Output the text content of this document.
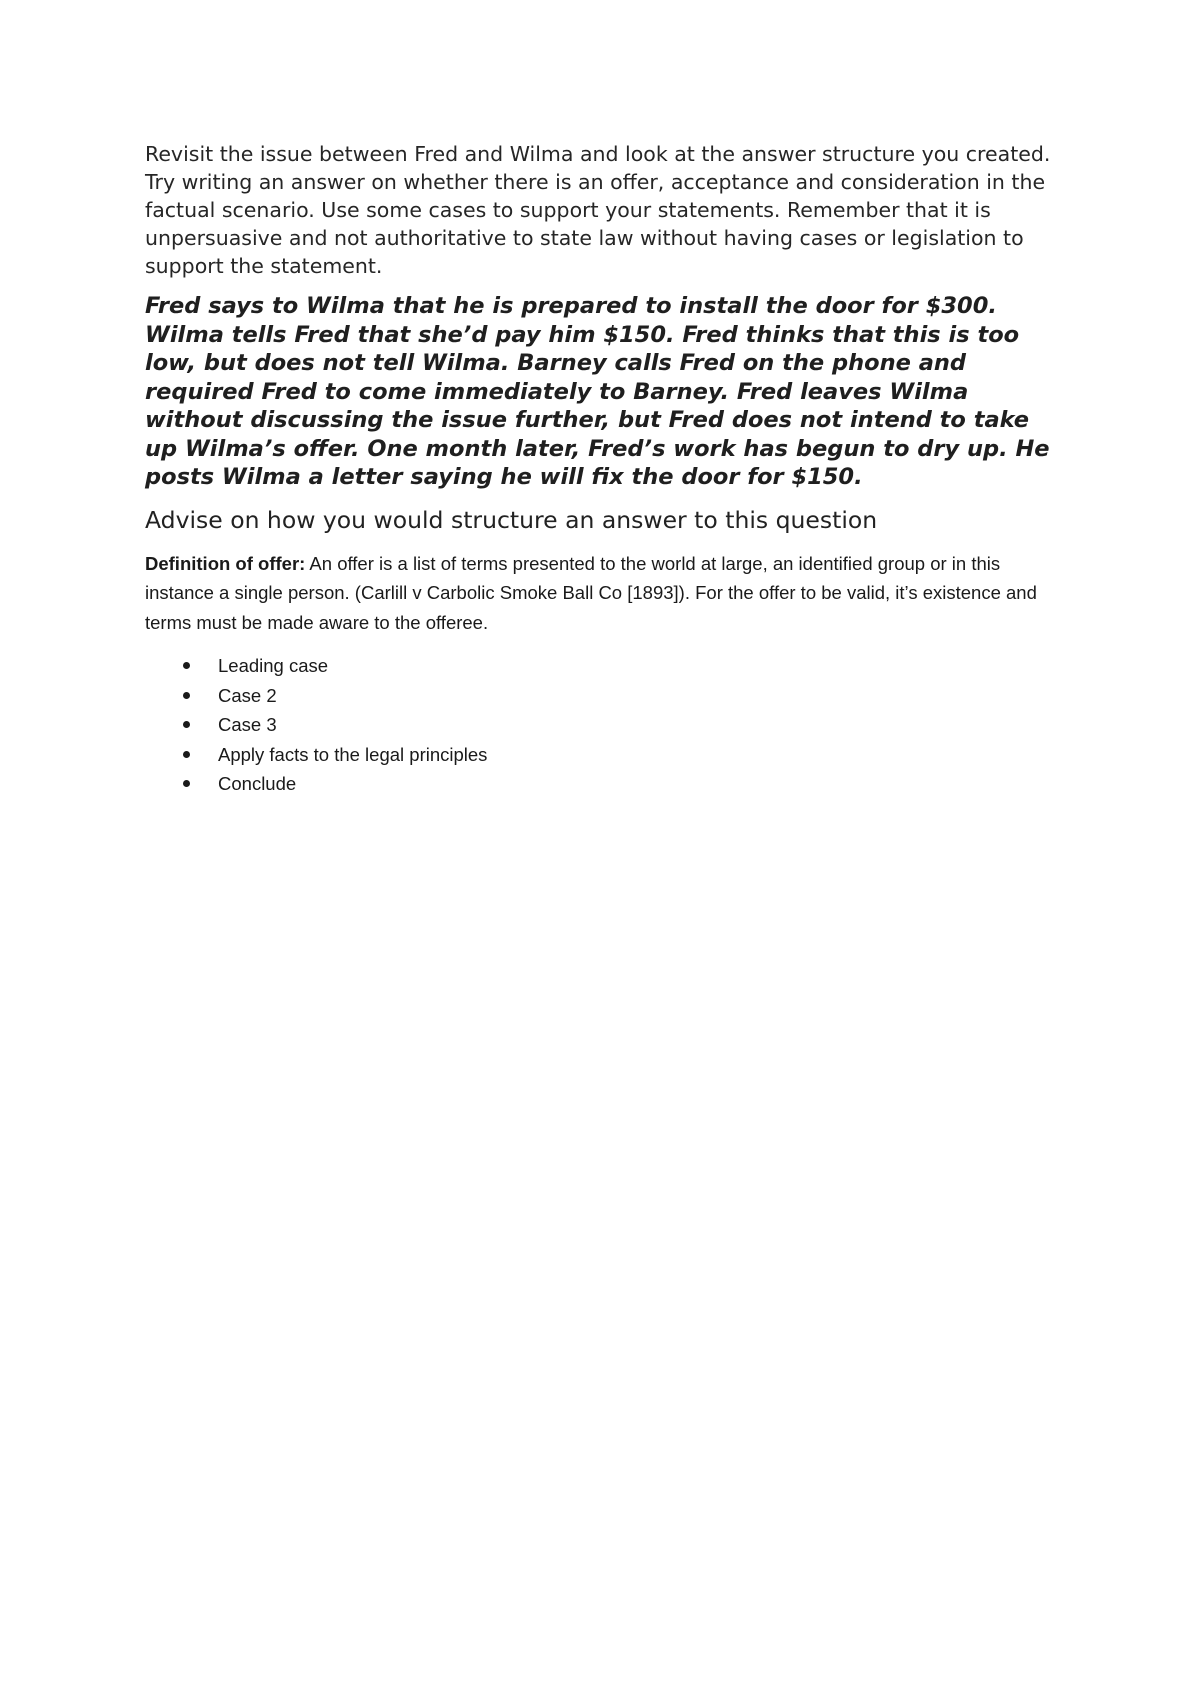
Revisit the issue between Fred and Wilma and look at the answer structure you created. Try writing an answer on whether there is an offer, acceptance and consideration in the factual scenario. Use some cases to support your statements. Remember that it is unpersuasive and not authoritative to state law without having cases or legislation to support the statement.

Fred says to Wilma that he is prepared to install the door for $300. Wilma tells Fred that she’d pay him $150. Fred thinks that this is too low, but does not tell Wilma. Barney calls Fred on the phone and required Fred to come immediately to Barney. Fred leaves Wilma without discussing the issue further, but Fred does not intend to take up Wilma’s offer. One month later, Fred’s work has begun to dry up. He posts Wilma a letter saying he will fix the door for $150.

Advise on how you would structure an answer to this question

Definition of offer: An offer is a list of terms presented to the world at large, an identified group or in this instance a single person. (Carlill v Carbolic Smoke Ball Co [1893]). For the offer to be valid, it’s existence and terms must be made aware to the offeree.

Leading case
Case 2
Case 3
Apply facts to the legal principles
Conclude
